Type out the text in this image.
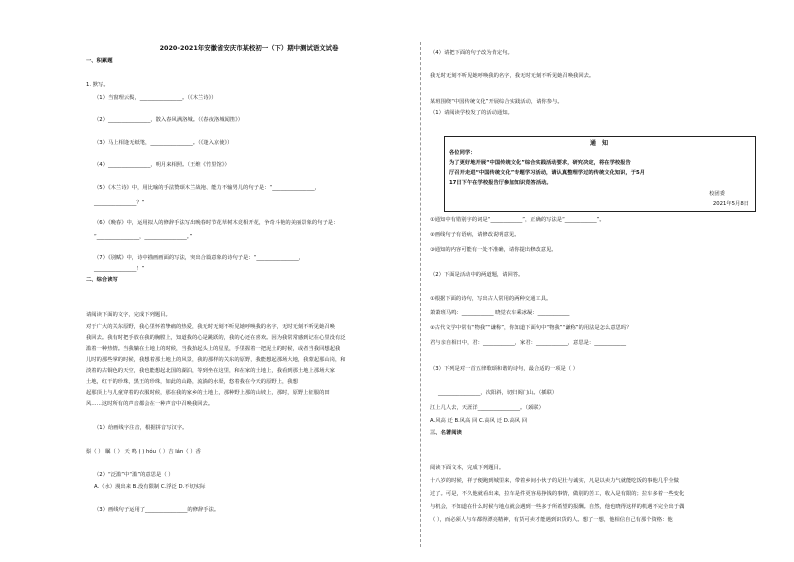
2020-2021年安徽省安庆市某校初一（下）期中测试语文试卷
一、积累题
1. 默写。
（1）当窗理云鬓，________________。（《木兰诗》）
（2）________________，散入春风满洛城。（《春夜洛城闻笛》）
（3）马上相逢无纸笔，________________。（《逢入京使》）
（4）________________，明月来相照。（王维《竹里馆》）
（5）《木兰诗》中，用比喻的手法赞颂木兰战袍、能力不输男儿的句子是：“________________，
________________？”
（6）《晚春》中，运用拟人的修辞手法写出晚春时节花草树木竞相开花，争奇斗艳的美丽景象的句子是：
“________________，________________。”
（7）《别赋》中，诗中描画画面的写法，突出合篇意象的诗句子是：“________________，
________________！”
二、综合读写
请阅读下面的文字，完成下列题目。
对于广大的关东原野，我心里怀着挚痛的热爱，我无时无刻不听见她呼唤我的名字，无时无刻不听见她召唤
我回去。我有时把手放在我的胸膛上，知道我的心是跳跃的，我的心还在喜欢。因为我常常感到记在心里没有泛
滥着一种热情。当我躺在土地上的时候，当我抬起头上的星星，手里握着一把泥土的时候，或者当我回想起我
儿时的那些掌的时候，我想着那土地上的风景，我的那样的关东的原野，我能想起那场大地，我蒙起那山岗，和
淡着的古铜色的天空，我也能想起北国的湖泊，等到坐在这里，和在家的土地上，我看到那土地上那场大家
土地，红干的珍珠，黑王的珍珠，如此的山路，流淌的水渠，悠着我在今天的原野上，我想
起那顶上与儿童穿着的衣服时候，那在我的家乡的土地上，那种野上那的山坡上，那时，原野上征服的田
风……这时所有的声音都会在一种声音中召唤我回去。
（1）给画线字注音，根据拼音写汉字。
鬃（ ） 瞩（ ） 天 鸣 ( ) hóu（ ）吉 lán（ ）香
（2）“泛滥”中“滥”的意思是（ ）
A.（水）漫出来 B.没有限制 C.浮泛 D.不切实际
（3）画线句子运用了________________的修辞手法。
（4）请把下面的句子改为肯定句。
我无时无刻不听见她呼唤我的名字，我无时无刻不听见她召唤我回去。
某班围绕“中国传统文化”开展综合实践活动，请你参与。
（1）请阅读学校发了的活动通知。
通 知
各位同学：
为了更好地开展“中国传统文化”综合实践活动要求，研究决定，将在学校报告
厅召开走进“中国传统文化”专题学习活动，请认真整理学过的传统文化知识，于5月
17日下午在学校报告厅参加知识竞答活动。
校团委
2021年5月8日
①通知中有错别字的词是“____________”，正确的写法是“____________”。
②画线句子有语病，请修改说明意见。
③通知的内容可能有一处不准确，请你提出修改意见。
（2）下面是活动中的两道题，请回答。
①根据下面的诗句，写出古人常用的两种交通工具。
萧萧班马鸣：____________ 晓觉衣车乘冰凝：____________
②古代文学中常有“物我”“谦称”，你知道下面句中“物我”“谦称”的用法是怎么意思吗？
君与亲自相日中，君：____________，家君：____________，意思是：____________
（3）下列是对一首五律歌颂和谐的诗句，最合适的一项是（ ）
________________，次阳斜，切归阁门山。（插联）
江上几人去，天涯洋________________。（颈联）
A.风高 迁 B.风高 回 C.高风 迁 D.高风 回
三、名著阅读
阅读下面文本，完成下列题目。
十八岁的时候，祥子便跑到城里来，带着乡间小伙子的足壮与诚实，凡是以卖力气就能吃饭的事他几乎全做
过了。可是，不久他就看出来，拉车是件更容易挣钱的事情，做别的苦工，收入是有限的；拉车多着一些变化
与机会，不知道在什么时候与地点就会遇到一些多于所希望的报酬。自然，他也晓得这样的机遇不完全出于偶
（ ），而必须人与车都得漂亮精神，有货可卖才能遇到识货的人。想了一想，他相信自己有那个资格：他
